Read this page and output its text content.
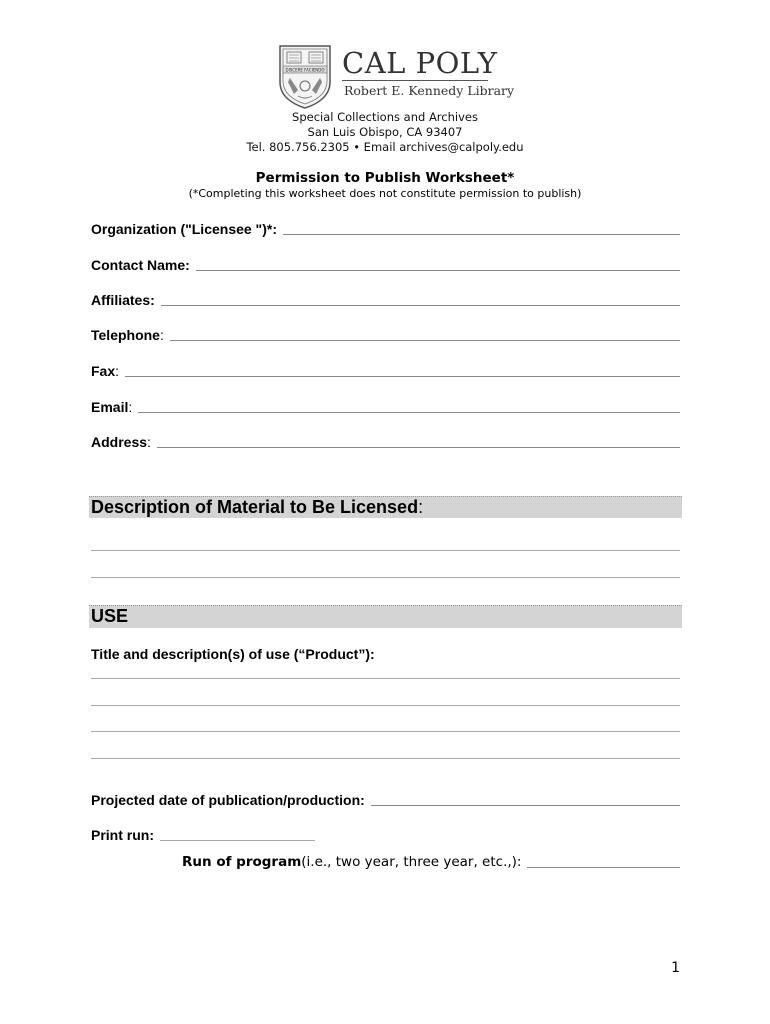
DISCERE FACIENDO CAL POLY
Robert E. Kennedy Library
Special Collections and Archives
San Luis Obispo, CA 93407
Tel. 805.756.2305 • Email archives@calpoly.edu
Permission to Publish Worksheet*
(*Completing this worksheet does not constitute permission to publish)
Organization ("Licensee ")* :
Contact Name :
Affiliates :
Telephone :
Fax :
Email :
Address :
Description of Material to Be Licensed:
USE
Title and description(s) of use (“Product”):
Projected date of publication/production:
Print run:
Run of program (i.e., two year, three year, etc.,):
1
